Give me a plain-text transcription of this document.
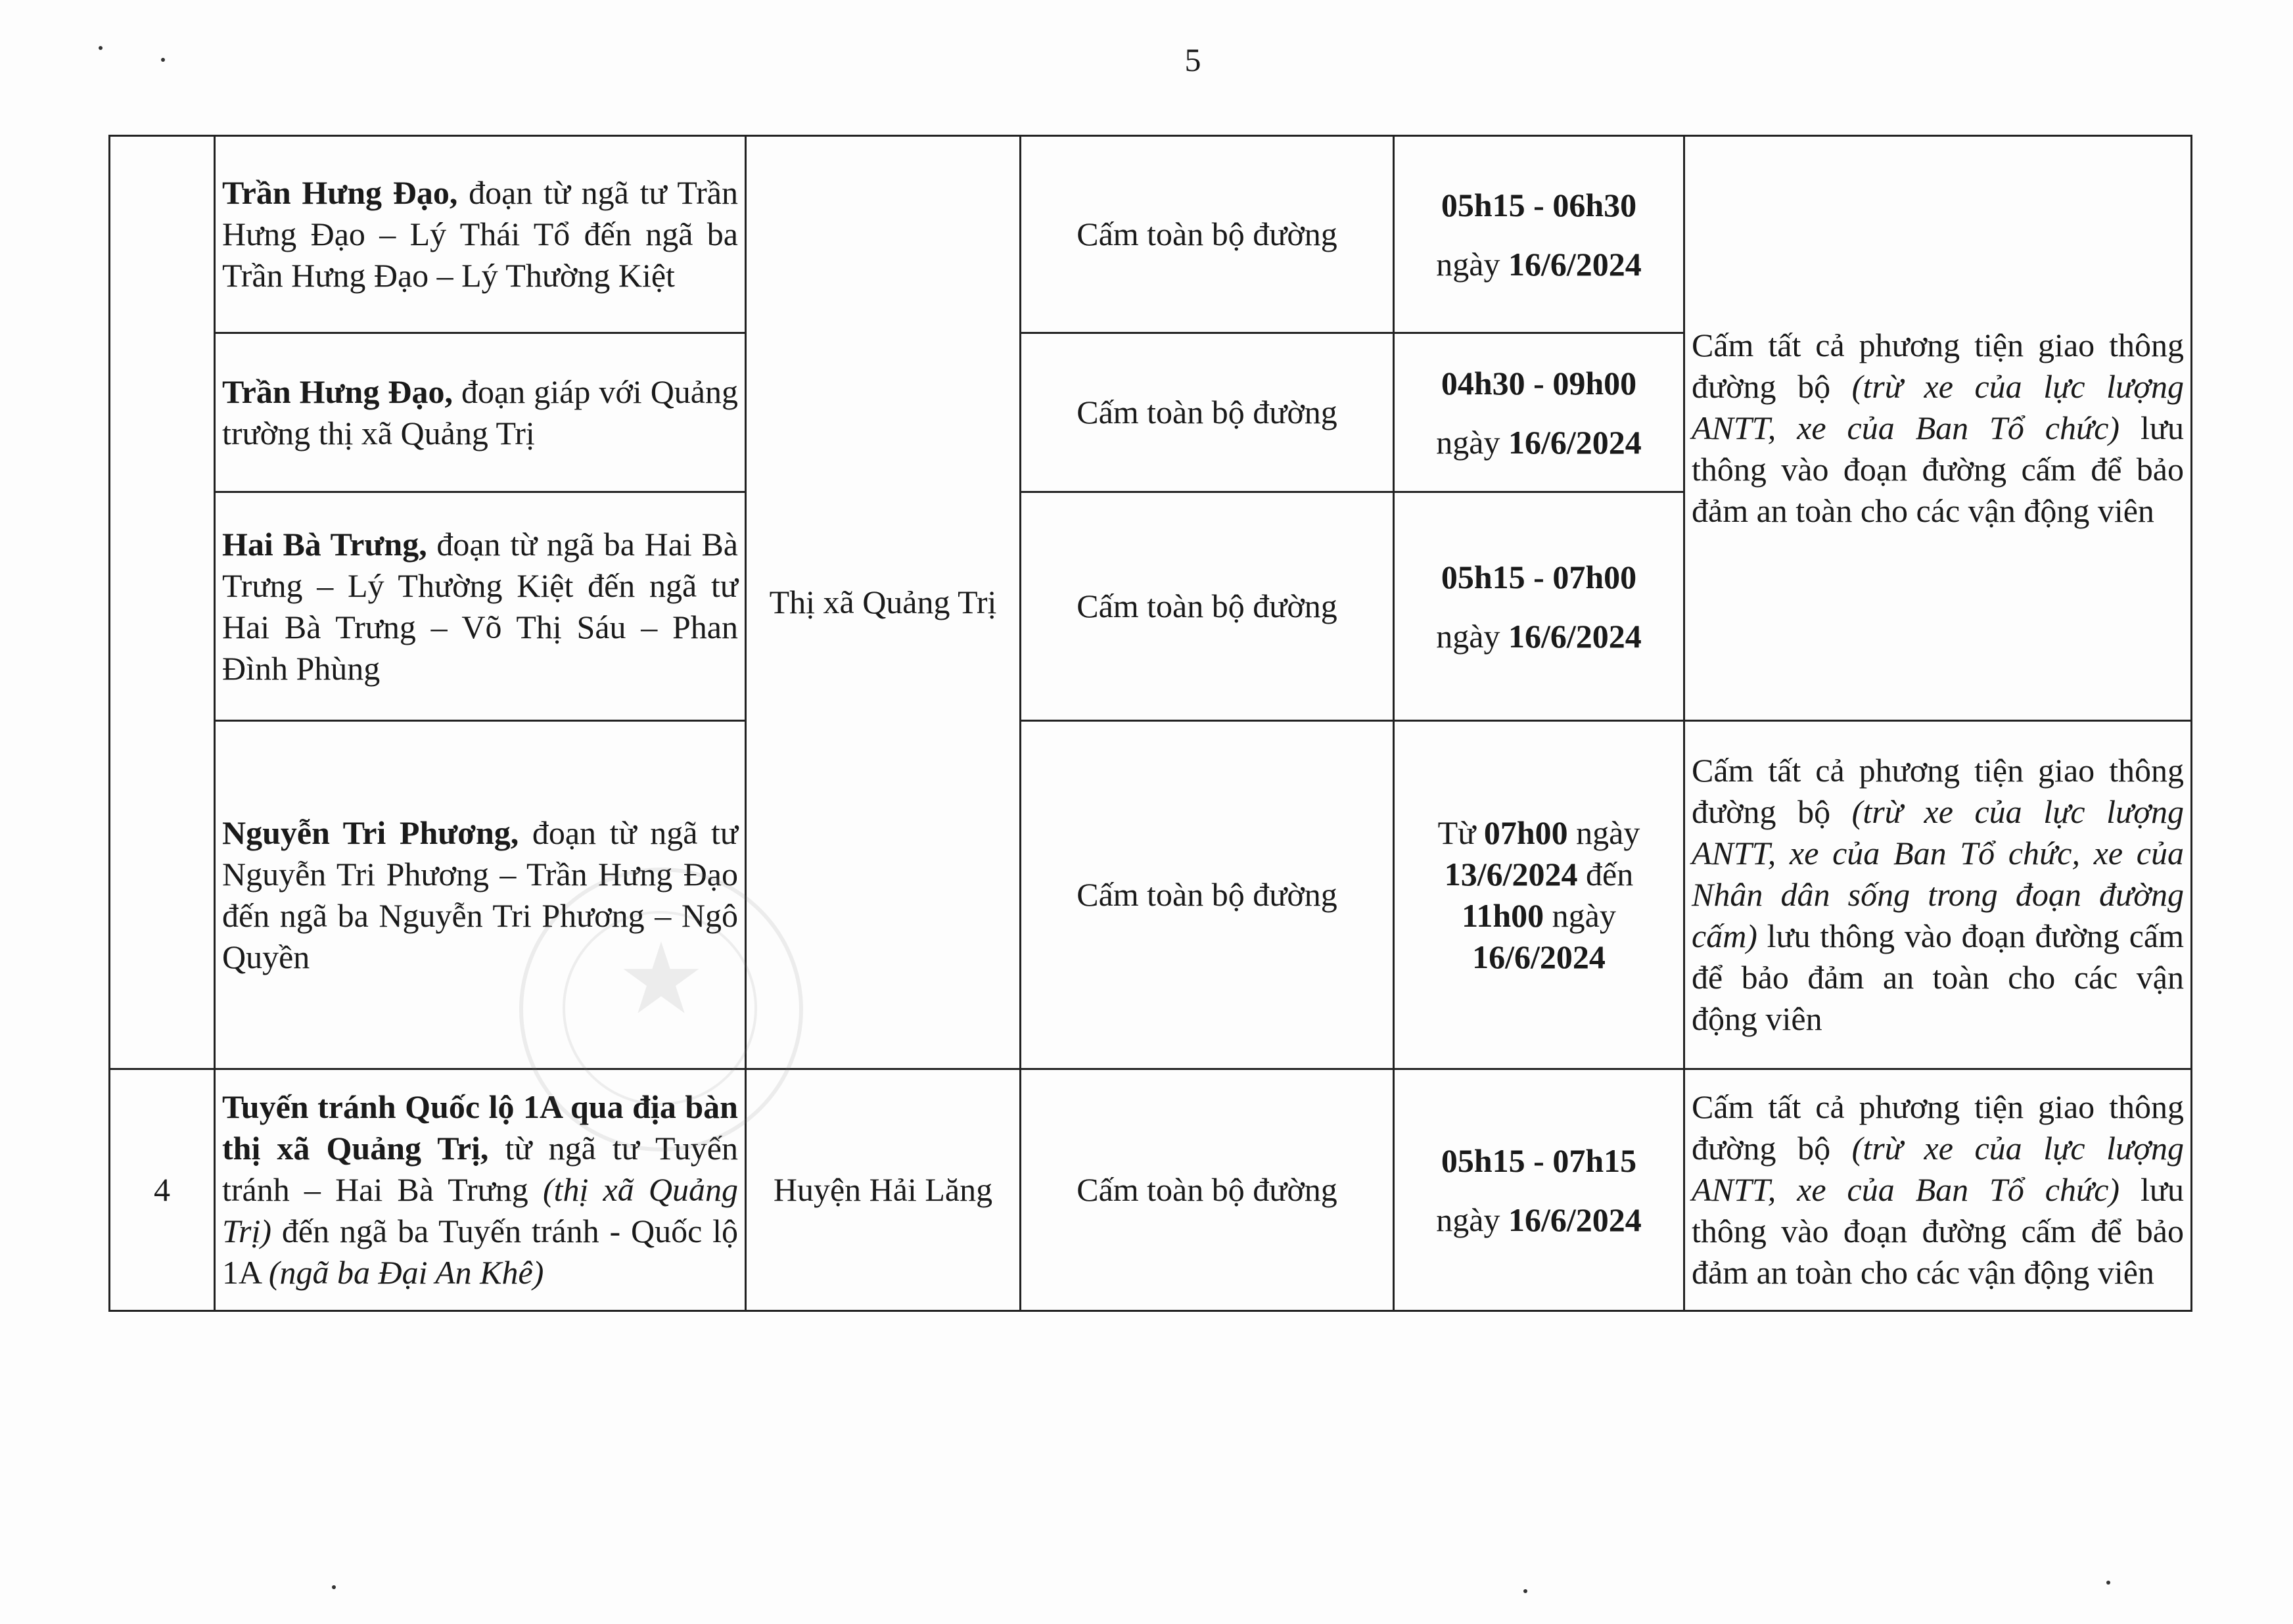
5
	Trần Hưng Đạo, đoạn từ ngã tư Trần Hưng Đạo – Lý Thái Tổ đến ngã ba Trần Hưng Đạo – Lý Thường Kiệt	Thị xã Quảng Trị	Cấm toàn bộ đường	05h15 - 06h30
ngày 16/6/2024	Cấm tất cả phương tiện giao thông đường bộ (trừ xe của lực lượng ANTT, xe của Ban Tổ chức) lưu thông vào đoạn đường cấm để bảo đảm an toàn cho các vận động viên
	Trần Hưng Đạo, đoạn giáp với Quảng trường thị xã Quảng Trị		Cấm toàn bộ đường	04h30 - 09h00
ngày 16/6/2024	
	Hai Bà Trưng, đoạn từ ngã ba Hai Bà Trưng – Lý Thường Kiệt đến ngã tư Hai Bà Trưng – Võ Thị Sáu – Phan Đình Phùng		Cấm toàn bộ đường	05h15 - 07h00
ngày 16/6/2024	
	Nguyễn Tri Phương, đoạn từ ngã tư Nguyễn Tri Phương – Trần Hưng Đạo đến ngã ba Nguyễn Tri Phương – Ngô Quyền		Cấm toàn bộ đường	Từ 07h00 ngày 13/6/2024 đến 11h00 ngày 16/6/2024	Cấm tất cả phương tiện giao thông đường bộ (trừ xe của lực lượng ANTT, xe của Ban Tổ chức, xe của Nhân dân sống trong đoạn đường cấm) lưu thông vào đoạn đường cấm để bảo đảm an toàn cho các vận động viên
4	Tuyến tránh Quốc lộ 1A qua địa bàn thị xã Quảng Trị, từ ngã tư Tuyến tránh – Hai Bà Trưng (thị xã Quảng Trị) đến ngã ba Tuyến tránh - Quốc lộ 1A (ngã ba Đại An Khê)	Huyện Hải Lăng	Cấm toàn bộ đường	05h15 - 07h15
ngày 16/6/2024	Cấm tất cả phương tiện giao thông đường bộ (trừ xe của lực lượng ANTT, xe của Ban Tổ chức) lưu thông vào đoạn đường cấm để bảo đảm an toàn cho các vận động viên
★
